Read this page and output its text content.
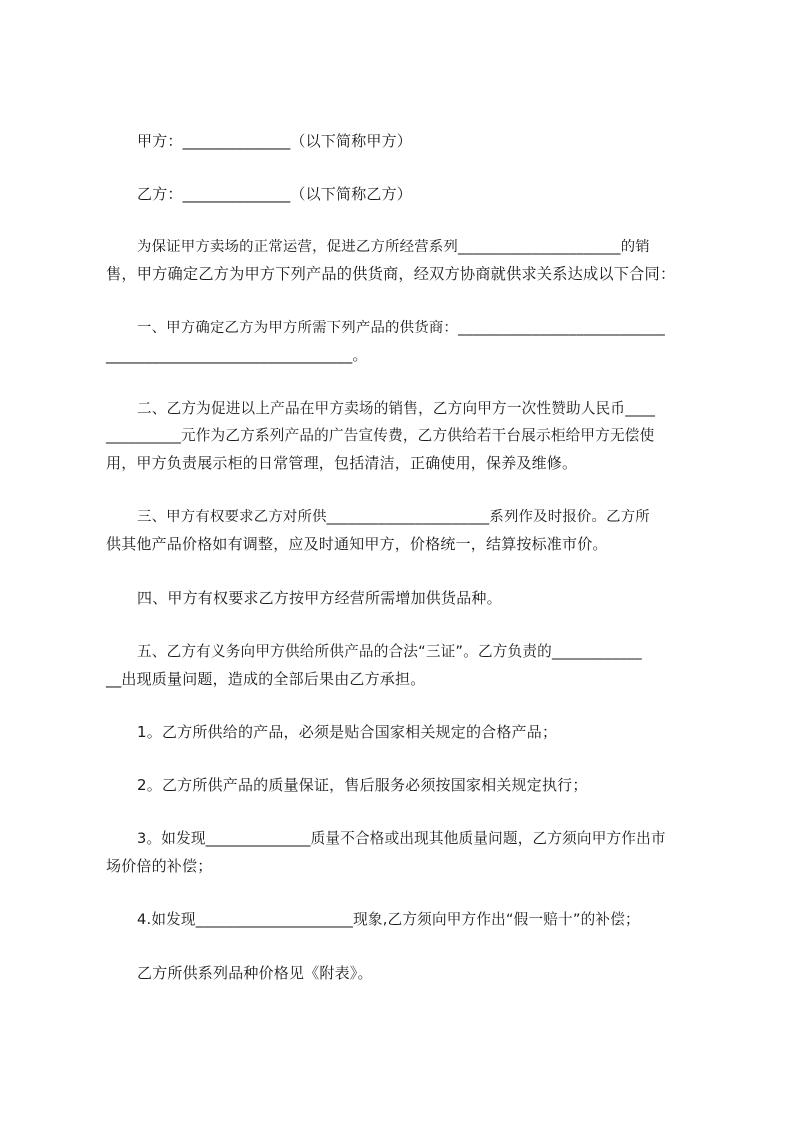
甲方：______________（以下简称甲方）
乙方：______________（以下简称乙方）
为保证甲方卖场的正常运营，促进乙方所经营系列______________________的销
售，甲方确定乙方为甲方下列产品的供货商，经双方协商就供求关系达成以下合同：
一、甲方确定乙方为甲方所需下列产品的供货商：____________________________
________________________________。
二、乙方为促进以上产品在甲方卖场的销售，乙方向甲方一次性赞助人民币____
__________元作为乙方系列产品的广告宣传费，乙方供给若干台展示柜给甲方无偿使
用，甲方负责展示柜的日常管理，包括清洁，正确使用，保养及维修。
三、甲方有权要求乙方对所供______________________系列作及时报价。乙方所
供其他产品价格如有调整，应及时通知甲方，价格统一，结算按标准市价。
四、甲方有权要求乙方按甲方经营所需增加供货品种。
五、乙方有义务向甲方供给所供产品的合法“三证”。乙方负责的____________
__出现质量问题，造成的全部后果由乙方承担。
1。乙方所供给的产品，必须是贴合国家相关规定的合格产品；
2。乙方所供产品的质量保证，售后服务必须按国家相关规定执行；
3。如发现______________质量不合格或出现其他质量问题，乙方须向甲方作出市
场价倍的补偿；
4.如发现_____________________现象,乙方须向甲方作出“假一赔十”的补偿；
乙方所供系列品种价格见《附表》。
